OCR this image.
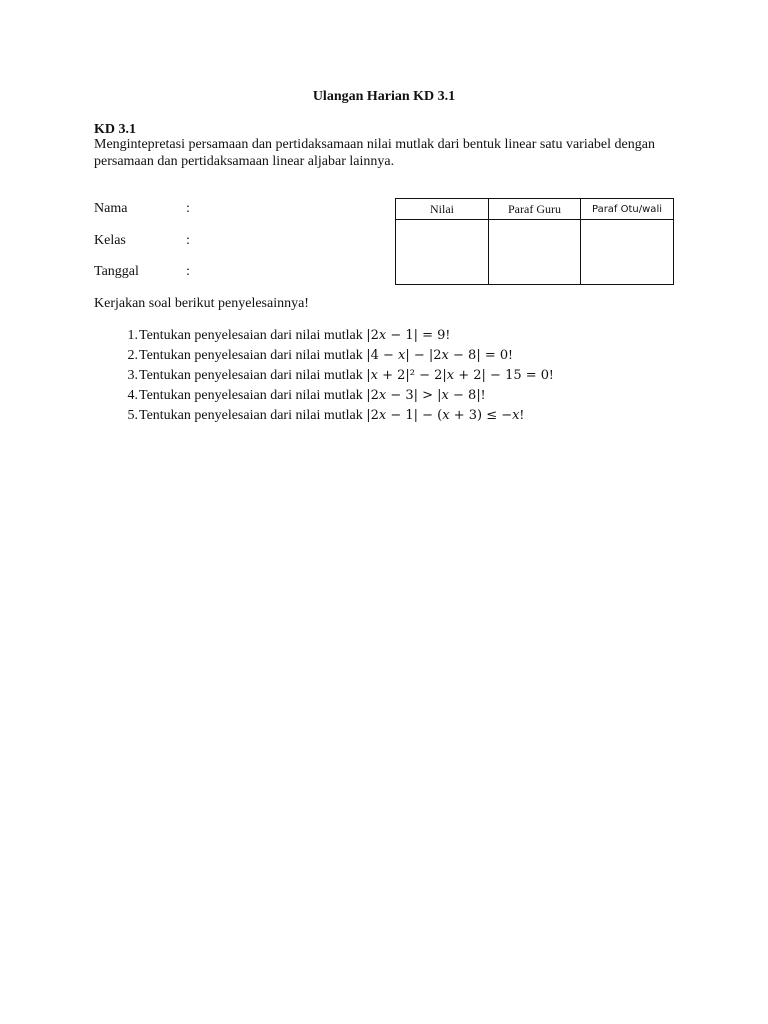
Ulangan Harian KD 3.1
KD 3.1
Mengintepretasi persamaan dan pertidaksamaan nilai mutlak dari bentuk linear satu variabel dengan persamaan dan pertidaksamaan linear aljabar lainnya.
Nama	:
Kelas	:
Tanggal	:
Nilai	Paraf Guru	Paraf Otu/wali

Kerjakan soal berikut penyelesainnya!
1.Tentukan penyelesaian dari nilai mutlak |2𝑥 − 1| = 9!
2.Tentukan penyelesaian dari nilai mutlak |4 − 𝑥| − |2𝑥 − 8| = 0!
3.Tentukan penyelesaian dari nilai mutlak |𝑥 + 2|² − 2|𝑥 + 2| − 15 = 0!
4.Tentukan penyelesaian dari nilai mutlak |2𝑥 − 3| > |𝑥 − 8|!
5.Tentukan penyelesaian dari nilai mutlak |2𝑥 − 1| − (𝑥 + 3) ≤ −𝑥!
